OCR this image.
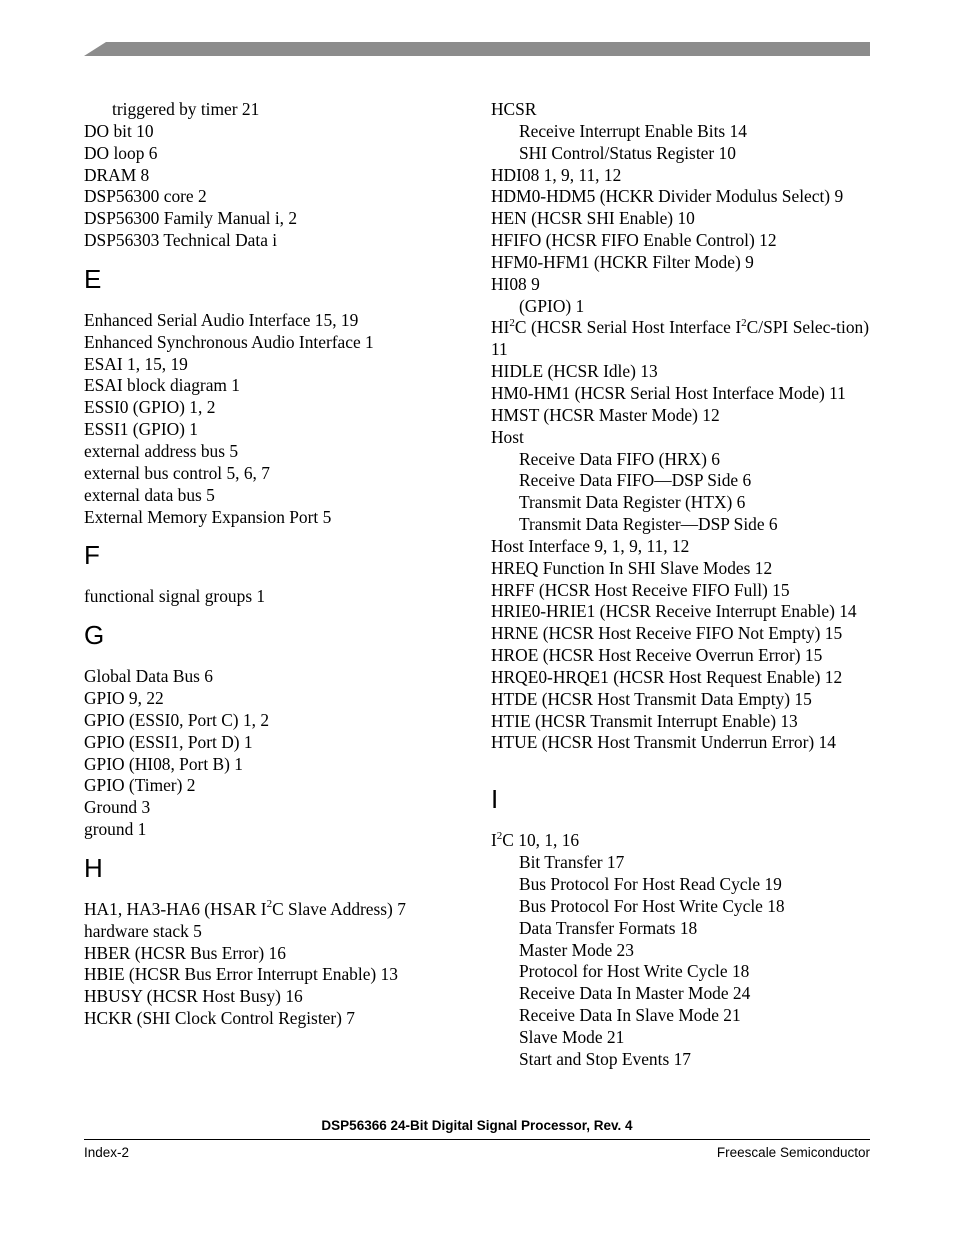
triggered by timer 21
DO bit 10
DO loop 6
DRAM 8
DSP56300 core 2
DSP56300 Family Manual i, 2
DSP56303 Technical Data i
E
Enhanced Serial Audio Interface 15, 19
Enhanced Synchronous Audio Interface 1
ESAI 1, 15, 19
ESAI block diagram 1
ESSI0 (GPIO) 1, 2
ESSI1 (GPIO) 1
external address bus 5
external bus control 5, 6, 7
external data bus 5
External Memory Expansion Port 5
F
functional signal groups 1
G
Global Data Bus 6
GPIO 9, 22
GPIO (ESSI0, Port C) 1, 2
GPIO (ESSI1, Port D) 1
GPIO (HI08, Port B) 1
GPIO (Timer) 2
Ground 3
ground 1
H
HA1, HA3-HA6 (HSAR $I^2C$ Slave Address) 7
hardware stack 5
HBER (HCSR Bus Error) 16
HBIE (HCSR Bus Error Interrupt Enable) 13
HBUSY (HCSR Host Busy) 16
HCKR (SHI Clock Control Register) 7
HCSR
Receive Interrupt Enable Bits 14
SHI Control/Status Register 10
HDI08 1, 9, 11, 12
HDM0-HDM5 (HCKR Divider Modulus Select) 9
HEN (HCSR SHI Enable) 10
HFIFO (HCSR FIFO Enable Control) 12
HFM0-HFM1 (HCKR Filter Mode) 9
HI08 9
(GPIO) 1
$HI^2C$ (HCSR Serial Host Interface $I^2C$/SPI Selec-tion) 11
HIDLE (HCSR Idle) 13
HM0-HM1 (HCSR Serial Host Interface Mode) 11
HMST (HCSR Master Mode) 12
Host
Receive Data FIFO (HRX) 6
Receive Data FIFO—DSP Side 6
Transmit Data Register (HTX) 6
Transmit Data Register—DSP Side 6
Host Interface 9, 1, 9, 11, 12
HREQ Function In SHI Slave Modes 12
HRFF (HCSR Host Receive FIFO Full) 15
HRIE0-HRIE1 (HCSR Receive Interrupt Enable) 14
HRNE (HCSR Host Receive FIFO Not Empty) 15
HROE (HCSR Host Receive Overrun Error) 15
HRQE0-HRQE1 (HCSR Host Request Enable) 12
HTDE (HCSR Host Transmit Data Empty) 15
HTIE (HCSR Transmit Interrupt Enable) 13
HTUE (HCSR Host Transmit Underrun Error) 14
I
$I^2C$ 10, 1, 16
Bit Transfer 17
Bus Protocol For Host Read Cycle 19
Bus Protocol For Host Write Cycle 18
Data Transfer Formats 18
Master Mode 23
Protocol for Host Write Cycle 18
Receive Data In Master Mode 24
Receive Data In Slave Mode 21
Slave Mode 21
Start and Stop Events 17
DSP56366 24-Bit Digital Signal Processor, Rev. 4
Index-2	Freescale Semiconductor
